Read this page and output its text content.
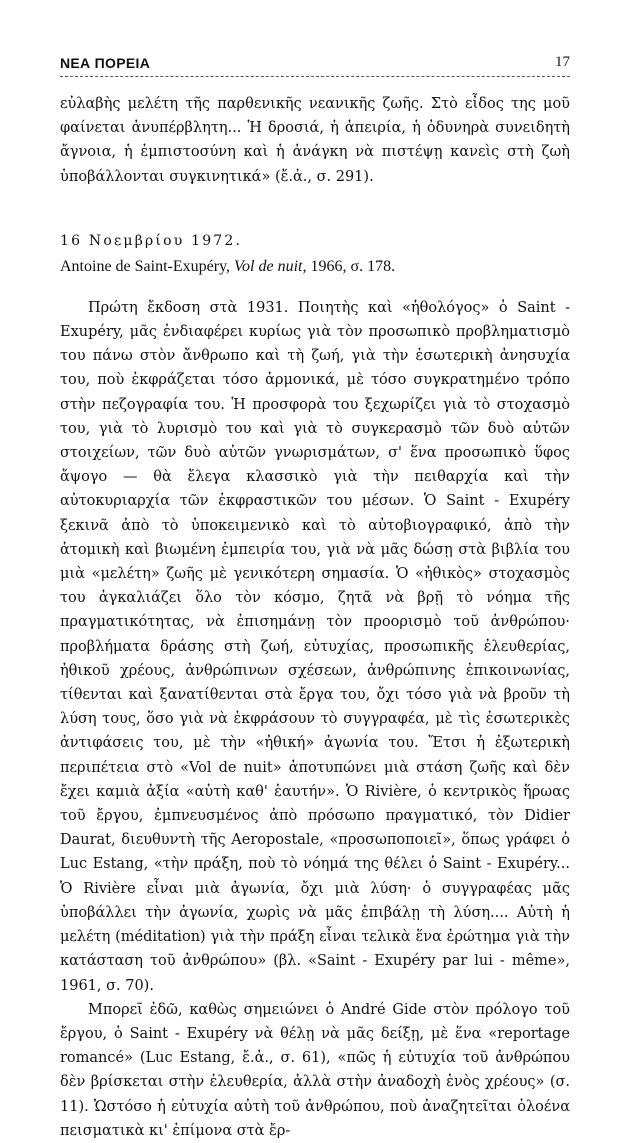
ΝΕΑ ΠΟΡΕΙΑ	17

εὐλαβὴς μελέτη τῆς παρθενικῆς νεανικῆς ζωῆς. Στὸ εἶδος της μοῦ φαίνεται ἀνυπέρβλητη... Ἡ δροσιά, ἡ ἀπειρία, ἡ ὀδυνηρὰ συνειδητὴ ἄγνοια, ἡ ἐμπιστοσύνη καὶ ἡ ἀνάγκη νὰ πιστέψῃ κανεὶς στὴ ζωὴ ὑποβάλλονται συγκινητικά» (ἔ.ἀ., σ. 291).

16 Νοεμβρίου 1972.
Antoine de Saint-Exupéry, Vol de nuit, 1966, σ. 178.

Πρώτη ἔκδοση στὰ 1931. Ποιητὴς καὶ «ἠθολόγος» ὁ Saint - Exupéry, μᾶς ἐνδιαφέρει κυρίως γιὰ τὸν προσωπικὸ προβληματισμὸ του πάνω στὸν ἄνθρωπο καὶ τὴ ζωή, γιὰ τὴν ἐσωτερικὴ ἀνησυχία του, ποὺ ἐκφράζεται τόσο ἁρμονικά, μὲ τόσο συγκρατημένο τρόπο στὴν πεζογραφία του. Ἡ προσφορὰ του ξεχωρίζει γιὰ τὸ στοχασμὸ του, γιὰ τὸ λυρισμὸ του καὶ γιὰ τὸ συγκερασμὸ τῶν δυὸ αὐτῶν στοιχείων, τῶν δυὸ αὐτῶν γνωρισμάτων, σ' ἕνα προσωπικὸ ὕφος ἄψογο — θὰ ἔλεγα κλασσικὸ γιὰ τὴν πειθαρχία καὶ τὴν αὐτοκυριαρχία τῶν ἐκφραστικῶν του μέσων. Ὁ Saint - Exupéry ξεκινᾶ ἀπὸ τὸ ὑποκειμενικὸ καὶ τὸ αὐτοβιογραφικό, ἀπὸ τὴν ἀτομικὴ καὶ βιωμένη ἐμπειρία του, γιὰ νὰ μᾶς δώσῃ στὰ βιβλία του μιὰ «μελέτη» ζωῆς μὲ γενικότερη σημασία. Ὁ «ἠθικὸς» στοχασμὸς του ἀγκαλιάζει ὅλο τὸν κόσμο, ζητᾶ νὰ βρῇ τὸ νόημα τῆς πραγματικότητας, νὰ ἐπισημάνῃ τὸν προορισμὸ τοῦ ἀνθρώπου· προβλήματα δράσης στὴ ζωή, εὐτυχίας, προσωπικῆς ἐλευθερίας, ἠθικοῦ χρέους, ἀνθρώπινων σχέσεων, ἀνθρώπινης ἐπικοινωνίας, τίθενται καὶ ξανατίθενται στὰ ἔργα του, ὄχι τόσο γιὰ νὰ βροῦν τὴ λύση τους, ὅσο γιὰ νὰ ἐκφράσουν τὸ συγγραφέα, μὲ τὶς ἐσωτερικὲς ἀντιφάσεις του, μὲ τὴν «ἠθική» ἀγωνία του. Ἔτσι ἡ ἐξωτερικὴ περιπέτεια στὸ «Vol de nuit» ἀποτυπώνει μιὰ στάση ζωῆς καὶ δὲν ἔχει καμιὰ ἀξία «αὐτὴ καθ' ἑαυτήν». Ὁ Rivière, ὁ κεντρικὸς ἥρωας τοῦ ἔργου, ἐμπνευσμένος ἀπὸ πρόσωπο πραγματικό, τὸν Didier Daurat, διευθυντὴ τῆς Aeropostale, «προσωποποιεῖ», ὅπως γράφει ὁ Luc Estang, «τὴν πράξη, ποὺ τὸ νόημά της θέλει ὁ Saint - Exupéry... Ὁ Rivière εἶναι μιὰ ἀγωνία, ὄχι μιὰ λύση· ὁ συγγραφέας μᾶς ὑποβάλλει τὴν ἀγωνία, χωρὶς νὰ μᾶς ἐπιβάλῃ τὴ λύση.... Αὐτὴ ἡ μελέτη (méditation) γιὰ τὴν πράξη εἶναι τελικὰ ἕνα ἐρώτημα γιὰ τὴν κατάσταση τοῦ ἀνθρώπου» (βλ. «Saint - Exupéry par lui - même», 1961, σ. 70).

Μπορεῖ ἐδῶ, καθὼς σημειώνει ὁ André Gide στὸν πρόλογο τοῦ ἔργου, ὁ Saint - Exupéry νὰ θέλῃ νὰ μᾶς δείξῃ, μὲ ἕνα «reportage romancé» (Luc Estang, ἔ.ἀ., σ. 61), «πῶς ἡ εὐτυχία τοῦ ἀνθρώπου δὲν βρίσκεται στὴν ἐλευθερία, ἀλλὰ στὴν ἀναδοχὴ ἑνὸς χρέους» (σ. 11). Ὡστόσο ἡ εὐτυχία αὐτὴ τοῦ ἀνθρώπου, ποὺ ἀναζητεῖται ὁλοένα πεισματικὰ κι' ἐπίμονα στὰ ἔρ-
